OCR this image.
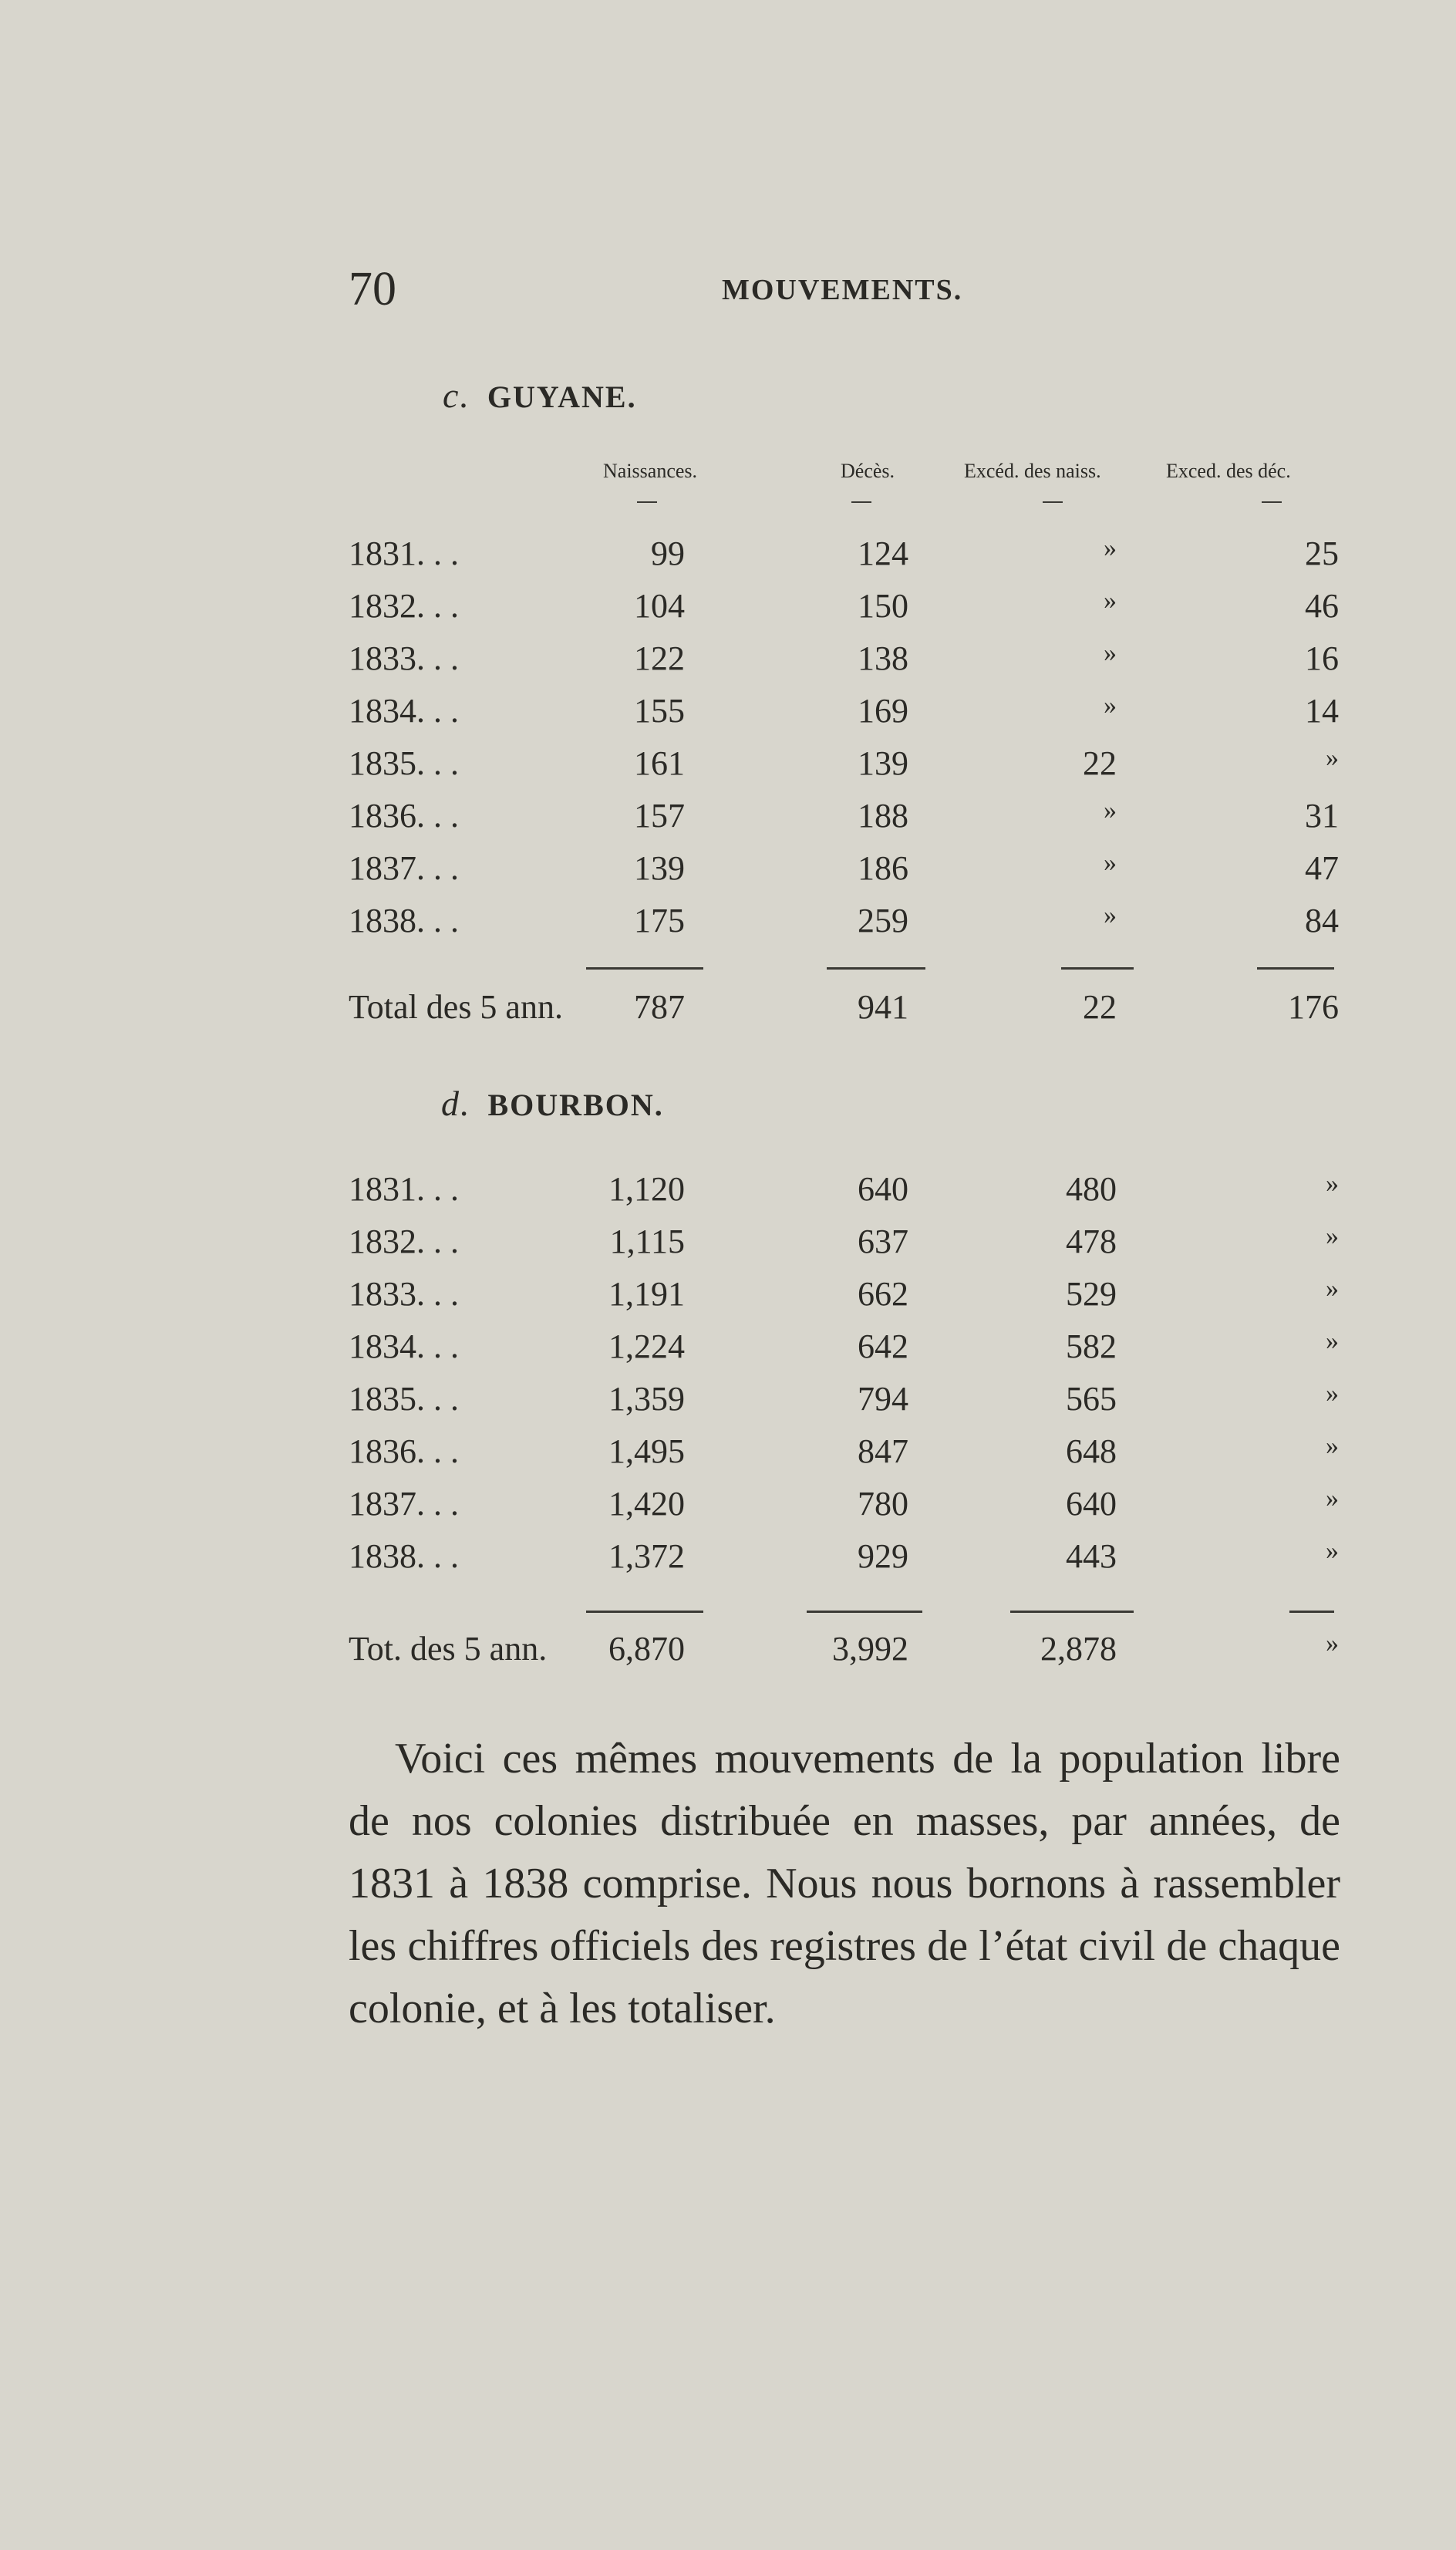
70	MOUVEMENTS.
c. GUYANE.
Naissances.	Décès.	Excéd. des naiss.	Exced. des déc.
1831. . .	99	124	»	25
1832. . .	104	150	»	46
1833. . .	122	138	»	16
1834. . .	155	169	»	14
1835. . .	161	139	22	»
1836. . .	157	188	»	31
1837. . .	139	186	»	47
1838. . .	175	259	»	84
Total des 5 ann. 787	941	22	176
d. BOURBON.
1831. . .	1,120	640	480	»
1832. . .	1,115	637	478	»
1833. . .	1,191	662	529	»
1834. . .	1,224	642	582	»
1835. . .	1,359	794	565	»
1836. . .	1,495	847	648	»
1837. . .	1,420	780	640	»
1838. . .	1,372	929	443	»
Tot. des 5 ann. 6,870	3,992	2,878	»

Voici ces mêmes mouvements de la population libre de nos colonies distribuée en masses, par années, de 1831 à 1838 comprise. Nous nous bornons à rassembler les chiffres officiels des registres de l’état civil de chaque colonie, et à les totaliser.
